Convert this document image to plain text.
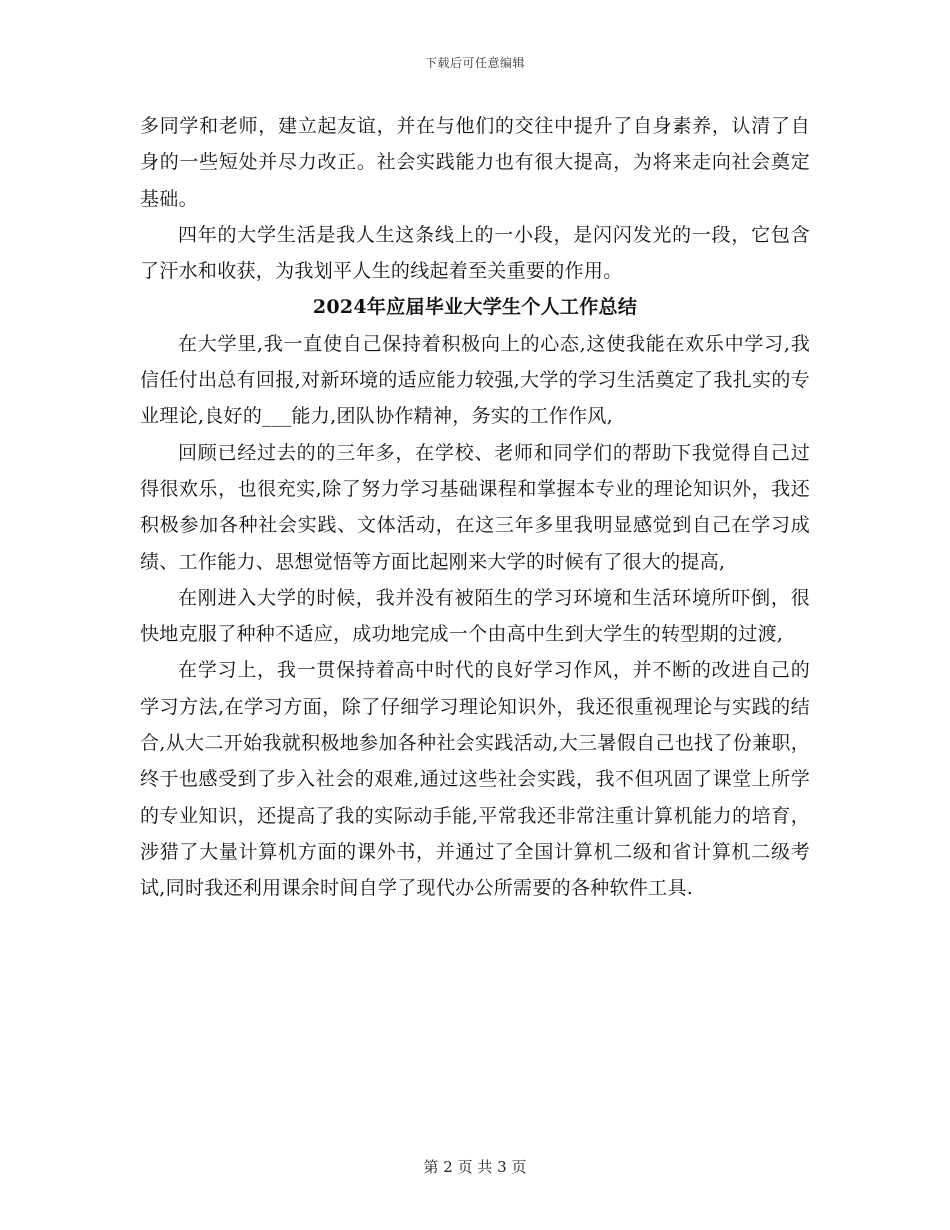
下载后可任意编辑

多同学和老师，建立起友谊，并在与他们的交往中提升了自身素养，认清了自身的一些短处并尽力改正。社会实践能力也有很大提高，为将来走向社会奠定基础。

四年的大学生活是我人生这条线上的一小段，是闪闪发光的一段，它包含了汗水和收获，为我划平人生的线起着至关重要的作用。

2024年应届毕业大学生个人工作总结

在大学里,我一直使自己保持着积极向上的心态,这使我能在欢乐中学习,我信任付出总有回报,对新环境的适应能力较强,大学的学习生活奠定了我扎实的专业理论,良好的___能力,团队协作精神，务实的工作作风,

回顾已经过去的的三年多，在学校、老师和同学们的帮助下我觉得自己过得很欢乐，也很充实,除了努力学习基础课程和掌握本专业的理论知识外，我还积极参加各种社会实践、文体活动，在这三年多里我明显感觉到自己在学习成绩、工作能力、思想觉悟等方面比起刚来大学的时候有了很大的提高,

在刚进入大学的时候，我并没有被陌生的学习环境和生活环境所吓倒，很快地克服了种种不适应，成功地完成一个由高中生到大学生的转型期的过渡,

在学习上，我一贯保持着高中时代的良好学习作风，并不断的改进自己的学习方法,在学习方面，除了仔细学习理论知识外，我还很重视理论与实践的结合,从大二开始我就积极地参加各种社会实践活动,大三暑假自己也找了份兼职，终于也感受到了步入社会的艰难,通过这些社会实践，我不但巩固了课堂上所学的专业知识，还提高了我的实际动手能,平常我还非常注重计算机能力的培育，涉猎了大量计算机方面的课外书，并通过了全国计算机二级和省计算机二级考试,同时我还利用课余时间自学了现代办公所需要的各种软件工具.

第 2 页 共 3 页
